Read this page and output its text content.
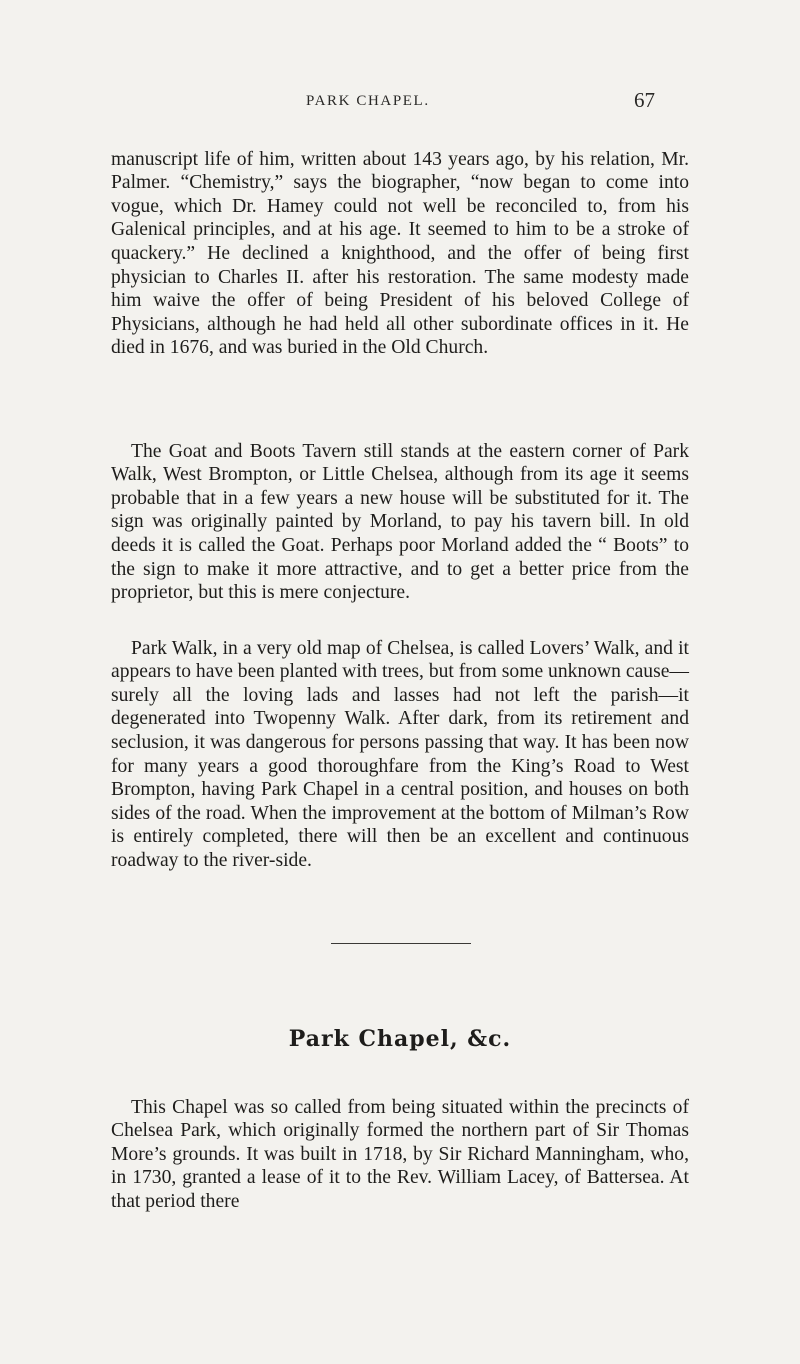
PARK CHAPEL.	67

manuscript life of him, written about 143 years ago, by his relation, Mr. Palmer. “Chemistry,” says the biographer, “now began to come into vogue, which Dr. Hamey could not well be reconciled to, from his Galenical principles, and at his age. It seemed to him to be a stroke of quackery.” He declined a knighthood, and the offer of being first physician to Charles II. after his restoration. The same modesty made him waive the offer of being President of his beloved College of Physicians, although he had held all other subordinate offices in it. He died in 1676, and was buried in the Old Church.

The Goat and Boots Tavern still stands at the eastern corner of Park Walk, West Brompton, or Little Chelsea, although from its age it seems probable that in a few years a new house will be substituted for it. The sign was originally painted by Morland, to pay his tavern bill. In old deeds it is called the Goat. Perhaps poor Morland added the “ Boots” to the sign to make it more attractive, and to get a better price from the proprietor, but this is mere conjecture.

Park Walk, in a very old map of Chelsea, is called Lovers’ Walk, and it appears to have been planted with trees, but from some unknown cause—surely all the loving lads and lasses had not left the parish—it degenerated into Twopenny Walk. After dark, from its retirement and seclusion, it was dangerous for persons passing that way. It has been now for many years a good thoroughfare from the King’s Road to West Brompton, having Park Chapel in a central position, and houses on both sides of the road. When the improvement at the bottom of Milman’s Row is entirely completed, there will then be an excellent and continuous roadway to the river-side.

Park Chapel, &c.

This Chapel was so called from being situated within the precincts of Chelsea Park, which originally formed the northern part of Sir Thomas More’s grounds. It was built in 1718, by Sir Richard Manningham, who, in 1730, granted a lease of it to the Rev. William Lacey, of Battersea. At that period there
